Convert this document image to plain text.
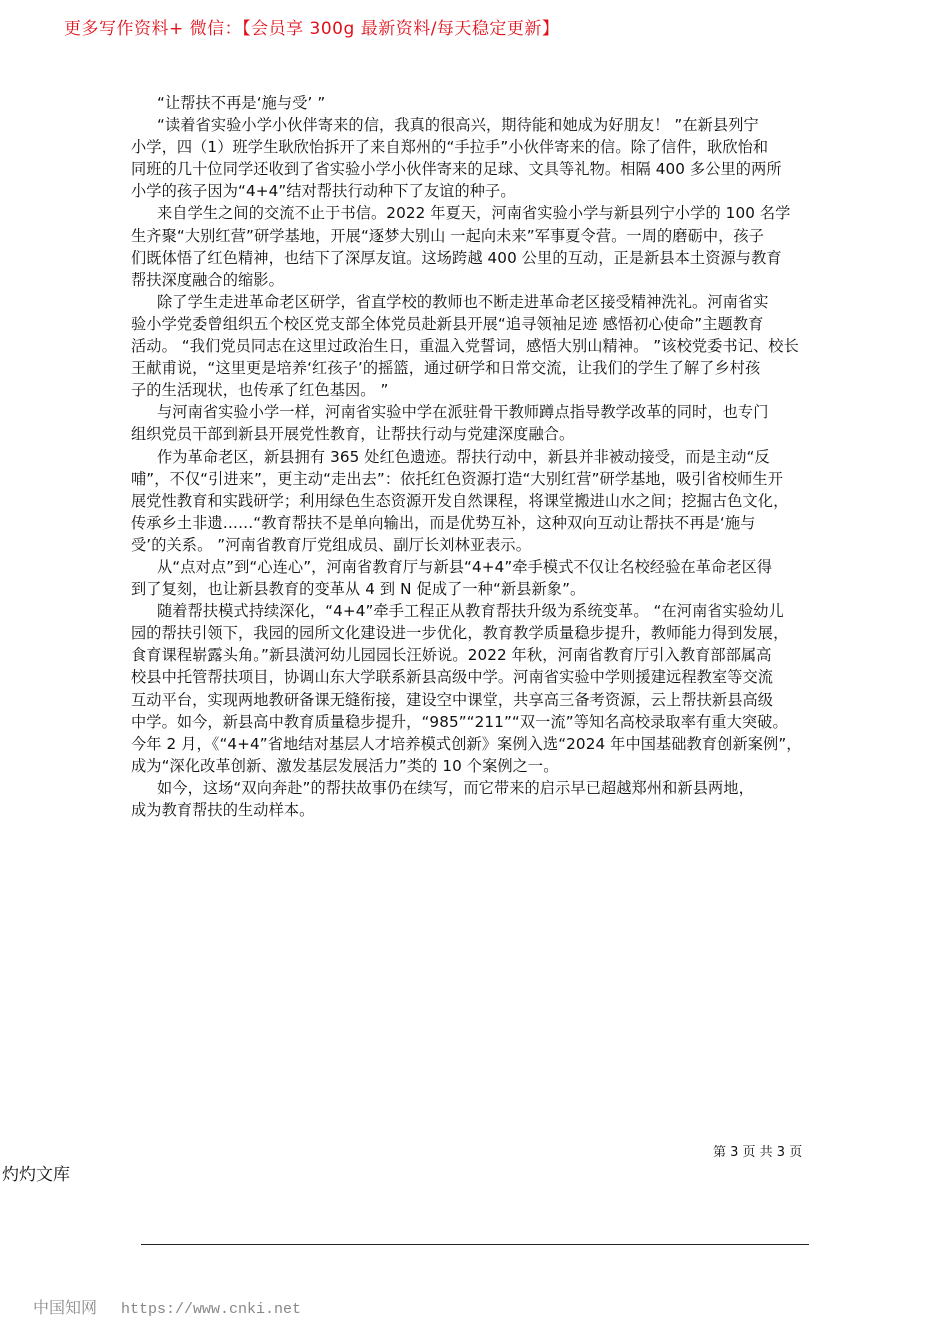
更多写作资料+ 微信：【会员享 300g 最新资料/每天稳定更新】
“让帮扶不再是‘施与受’ ”
“读着省实验小学小伙伴寄来的信，我真的很高兴，期待能和她成为好朋友！ ”在新县列宁
小学，四（1）班学生耿欣怡拆开了来自郑州的“手拉手”小伙伴寄来的信。除了信件，耿欣怡和
同班的几十位同学还收到了省实验小学小伙伴寄来的足球、文具等礼物。相隔 400 多公里的两所
小学的孩子因为“4+4”结对帮扶行动种下了友谊的种子。
来自学生之间的交流不止于书信。2022 年夏天，河南省实验小学与新县列宁小学的 100 名学
生齐聚“大别红营”研学基地，开展“逐梦大别山 一起向未来”军事夏令营。一周的磨砺中，孩子
们既体悟了红色精神，也结下了深厚友谊。这场跨越 400 公里的互动，正是新县本土资源与教育
帮扶深度融合的缩影。
除了学生走进革命老区研学，省直学校的教师也不断走进革命老区接受精神洗礼。河南省实
验小学党委曾组织五个校区党支部全体党员赴新县开展“追寻领袖足迹 感悟初心使命”主题教育
活动。 “我们党员同志在这里过政治生日，重温入党誓词，感悟大别山精神。 ”该校党委书记、校长
王献甫说，“这里更是培养‘红孩子’的摇篮，通过研学和日常交流，让我们的学生了解了乡村孩
子的生活现状，也传承了红色基因。 ”
与河南省实验小学一样，河南省实验中学在派驻骨干教师蹲点指导教学改革的同时，也专门
组织党员干部到新县开展党性教育，让帮扶行动与党建深度融合。
作为革命老区，新县拥有 365 处红色遗迹。帮扶行动中，新县并非被动接受，而是主动“反
哺”，不仅“引进来”，更主动“走出去”：依托红色资源打造“大别红营”研学基地，吸引省校师生开
展党性教育和实践研学；利用绿色生态资源开发自然课程，将课堂搬进山水之间；挖掘古色文化，
传承乡土非遗……“教育帮扶不是单向输出，而是优势互补，这种双向互动让帮扶不再是‘施与
受’的关系。 ”河南省教育厅党组成员、副厅长刘林亚表示。
从“点对点”到“心连心”，河南省教育厅与新县“4+4”牵手模式不仅让名校经验在革命老区得
到了复刻，也让新县教育的变革从 4 到 N 促成了一种“新县新象”。
随着帮扶模式持续深化，“4+4”牵手工程正从教育帮扶升级为系统变革。 “在河南省实验幼儿
园的帮扶引领下，我园的园所文化建设进一步优化，教育教学质量稳步提升，教师能力得到发展，
食育课程崭露头角。”新县潢河幼儿园园长汪娇说。2022 年秋，河南省教育厅引入教育部部属高
校县中托管帮扶项目，协调山东大学联系新县高级中学。河南省实验中学则援建远程教室等交流
互动平台，实现两地教研备课无缝衔接，建设空中课堂，共享高三备考资源，云上帮扶新县高级
中学。如今，新县高中教育质量稳步提升，“985”“211”“双一流”等知名高校录取率有重大突破。
今年 2 月，《“4+4”省地结对基层人才培养模式创新》案例入选“2024 年中国基础教育创新案例”，
成为“深化改革创新、激发基层发展活力”类的 10 个案例之一。
如今，这场“双向奔赴”的帮扶故事仍在续写，而它带来的启示早已超越郑州和新县两地，
成为教育帮扶的生动样本。
第 3 页 共 3 页
灼灼文库
中国知网 https://www.cnki.net
